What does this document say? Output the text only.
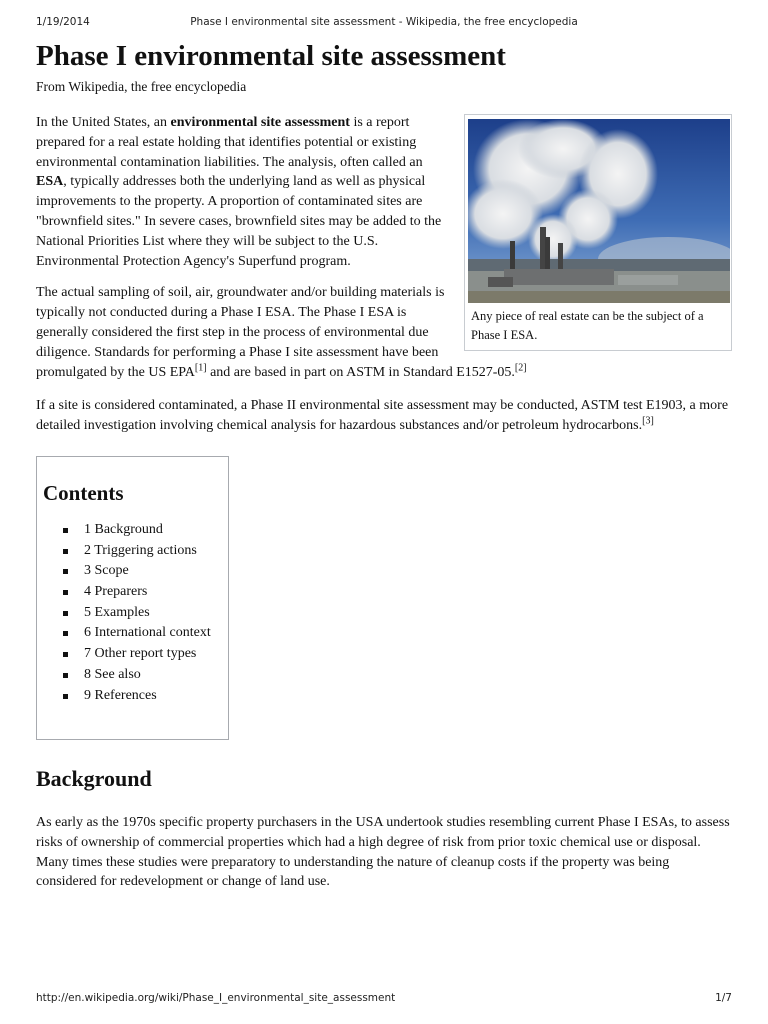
1/19/2014	Phase I environmental site assessment - Wikipedia, the free encyclopedia
Phase I environmental site assessment
From Wikipedia, the free encyclopedia
Any piece of real estate can be the subject of a Phase I ESA.

In the United States, an environmental site assessment is a report prepared for a real estate holding that identifies potential or existing environmental contamination liabilities. The analysis, often called an ESA, typically addresses both the underlying land as well as physical improvements to the property. A proportion of contaminated sites are "brownfield sites." In severe cases, brownfield sites may be added to the National Priorities List where they will be subject to the U.S. Environmental Protection Agency's Superfund program.

The actual sampling of soil, air, groundwater and/or building materials is typically not conducted during a Phase I ESA. The Phase I ESA is generally considered the first step in the process of environmental due diligence. Standards for performing a Phase I site assessment have been promulgated by the US EPA[1] and are based in part on ASTM in Standard E1527-05.[2]

If a site is considered contaminated, a Phase II environmental site assessment may be conducted, ASTM test E1903, a more detailed investigation involving chemical analysis for hazardous substances and/or petroleum hydrocarbons.[3]

Contents
1 Background
2 Triggering actions
3 Scope
4 Preparers
5 Examples
6 International context
7 Other report types
8 See also
9 References
Background

As early as the 1970s specific property purchasers in the USA undertook studies resembling current Phase I ESAs, to assess risks of ownership of commercial properties which had a high degree of risk from prior toxic chemical use or disposal. Many times these studies were preparatory to understanding the nature of cleanup costs if the property was being considered for redevelopment or change of land use.

http://en.wikipedia.org/wiki/Phase_I_environmental_site_assessment	1/7
